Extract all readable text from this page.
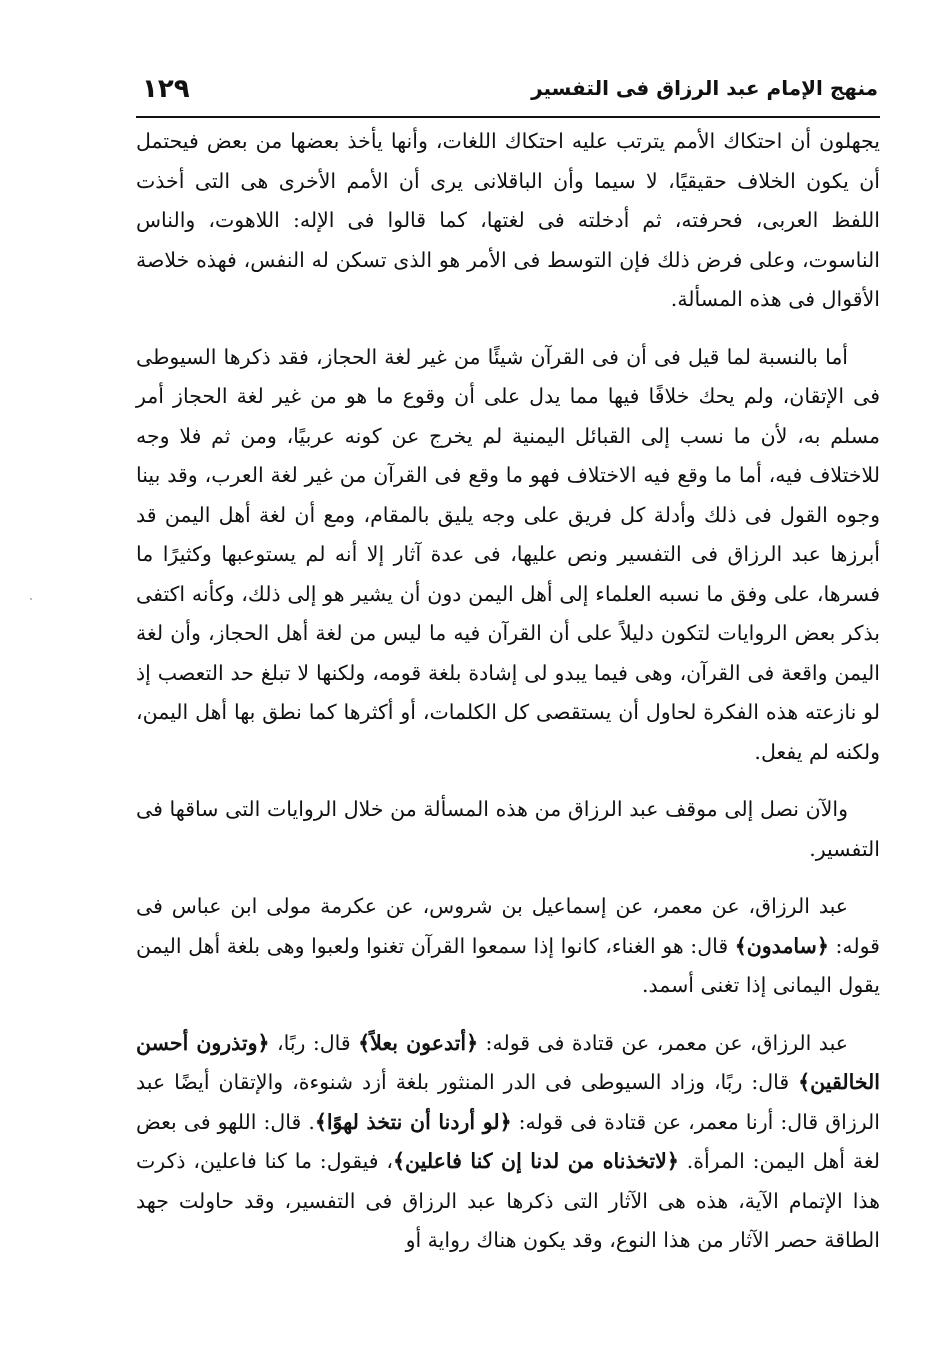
منهج الإمام عبد الرزاق فى التفسير
١٢٩

يجهلون أن احتكاك الأمم يترتب عليه احتكاك اللغات، وأنها يأخذ بعضها من بعض فيحتمل أن يكون الخلاف حقيقيًا، لا سيما وأن الباقلانى يرى أن الأمم الأخرى هى التى أخذت اللفظ العربى، فحرفته، ثم أدخلته فى لغتها، كما قالوا فى الإله: اللاهوت، والناس الناسوت، وعلى فرض ذلك فإن التوسط فى الأمر هو الذى تسكن له النفس، فهذه خلاصة الأقوال فى هذه المسألة.

أما بالنسبة لما قيل فى أن فى القرآن شيئًا من غير لغة الحجاز، فقد ذكرها السيوطى فى الإتقان، ولم يحك خلافًا فيها مما يدل على أن وقوع ما هو من غير لغة الحجاز أمر مسلم به، لأن ما نسب إلى القبائل اليمنية لم يخرج عن كونه عربيًا، ومن ثم فلا وجه للاختلاف فيه، أما ما وقع فيه الاختلاف فهو ما وقع فى القرآن من غير لغة العرب، وقد بينا وجوه القول فى ذلك وأدلة كل فريق على وجه يليق بالمقام، ومع أن لغة أهل اليمن قد أبرزها عبد الرزاق فى التفسير ونص عليها، فى عدة آثار إلا أنه لم يستوعبها وكثيرًا ما فسرها، على وفق ما نسبه العلماء إلى أهل اليمن دون أن يشير هو إلى ذلك، وكأنه اكتفى بذكر بعض الروايات لتكون دليلاً على أن القرآن فيه ما ليس من لغة أهل الحجاز، وأن لغة اليمن واقعة فى القرآن، وهى فيما يبدو لى إشادة بلغة قومه، ولكنها لا تبلغ حد التعصب إذ لو نازعته هذه الفكرة لحاول أن يستقصى كل الكلمات، أو أكثرها كما نطق بها أهل اليمن، ولكنه لم يفعل.

والآن نصل إلى موقف عبد الرزاق من هذه المسألة من خلال الروايات التى ساقها فى التفسير.

عبد الرزاق، عن معمر، عن إسماعيل بن شروس، عن عكرمة مولى ابن عباس فى قوله: ﴿سامدون﴾ قال: هو الغناء، كانوا إذا سمعوا القرآن تغنوا ولعبوا وهى بلغة أهل اليمن يقول اليمانى إذا تغنى أسمد.

عبد الرزاق، عن معمر، عن قتادة فى قوله: ﴿أتدعون بعلاً﴾ قال: ربًا، ﴿وتذرون أحسن الخالقين﴾ قال: ربًا، وزاد السيوطى فى الدر المنثور بلغة أزد شنوءة، والإتقان أيضًا عبد الرزاق قال: أرنا معمر، عن قتادة فى قوله: ﴿لو أردنا أن نتخذ لهوًا﴾. قال: اللهو فى بعض لغة أهل اليمن: المرأة. ﴿لاتخذناه من لدنا إن كنا فاعلين﴾، فيقول: ما كنا فاعلين، ذكرت هذا الإتمام الآية، هذه هى الآثار التى ذكرها عبد الرزاق فى التفسير، وقد حاولت جهد الطاقة حصر الآثار من هذا النوع، وقد يكون هناك رواية أو
